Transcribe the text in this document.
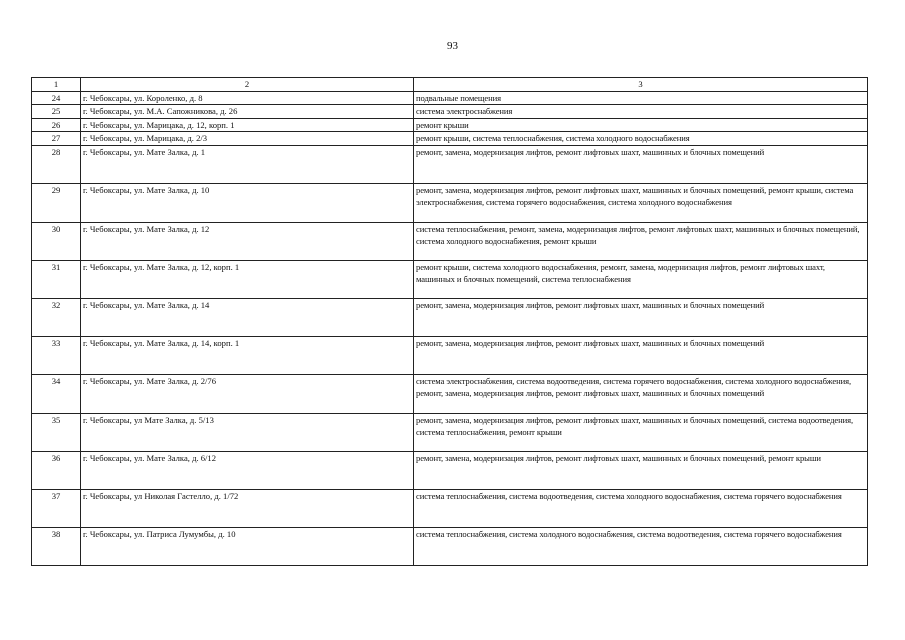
93
1	2	3
24	г. Чебоксары, ул. Короленко, д. 8	подвальные помещения
25	г. Чебоксары, ул. М.А. Сапожникова, д. 26	система электроснабжения
26	г. Чебоксары, ул. Марицака, д. 12, корп. 1	ремонт крыши
27	г. Чебоксары, ул. Марицака, д. 2/3	ремонт крыши, система теплоснабжения, система холодного водоснабжения
28	г. Чебоксары, ул. Мате Залка, д. 1	ремонт, замена, модернизация лифтов, ремонт лифтовых шахт, машинных и блочных помещений
29	г. Чебоксары, ул. Мате Залка, д. 10	ремонт, замена, модернизация лифтов, ремонт лифтовых шахт, машинных и блочных помещений, ремонт крыши, система электроснабжения, система горячего водоснабжения, система холодного водоснабжения
30	г. Чебоксары, ул. Мате Залка, д. 12	система теплоснабжения, ремонт, замена, модернизация лифтов, ремонт лифтовых шахт, машинных и блочных помещений, система холодного водоснабжения, ремонт крыши
31	г. Чебоксары, ул. Мате Залка, д. 12, корп. 1	ремонт крыши, система холодного водоснабжения, ремонт, замена, модернизация лифтов, ремонт лифтовых шахт, машинных и блочных помещений, система теплоснабжения
32	г. Чебоксары, ул. Мате Залка, д. 14	ремонт, замена, модернизация лифтов, ремонт лифтовых шахт, машинных и блочных помещений
33	г. Чебоксары, ул. Мате Залка, д. 14, корп. 1	ремонт, замена, модернизация лифтов, ремонт лифтовых шахт, машинных и блочных помещений
34	г. Чебоксары, ул. Мате Залка, д. 2/76	система электроснабжения, система водоотведения, система горячего водоснабжения, система холодного водоснабжения, ремонт, замена, модернизация лифтов, ремонт лифтовых шахт, машинных и блочных помещений
35	г. Чебоксары, ул Мате Залка, д. 5/13	ремонт, замена, модернизация лифтов, ремонт лифтовых шахт, машинных и блочных помещений, система водоотведения, система теплоснабжения, ремонт крыши
36	г. Чебоксары, ул. Мате Залка, д. 6/12	ремонт, замена, модернизация лифтов, ремонт лифтовых шахт, машинных и блочных помещений, ремонт крыши
37	г. Чебоксары, ул Николая Гастелло, д. 1/72	система теплоснабжения, система водоотведения, система холодного водоснабжения, система горячего водоснабжения
38	г. Чебоксары, ул. Патриса Лумумбы, д. 10	система теплоснабжения, система холодного водоснабжения, система водоотведения, система горячего водоснабжения
